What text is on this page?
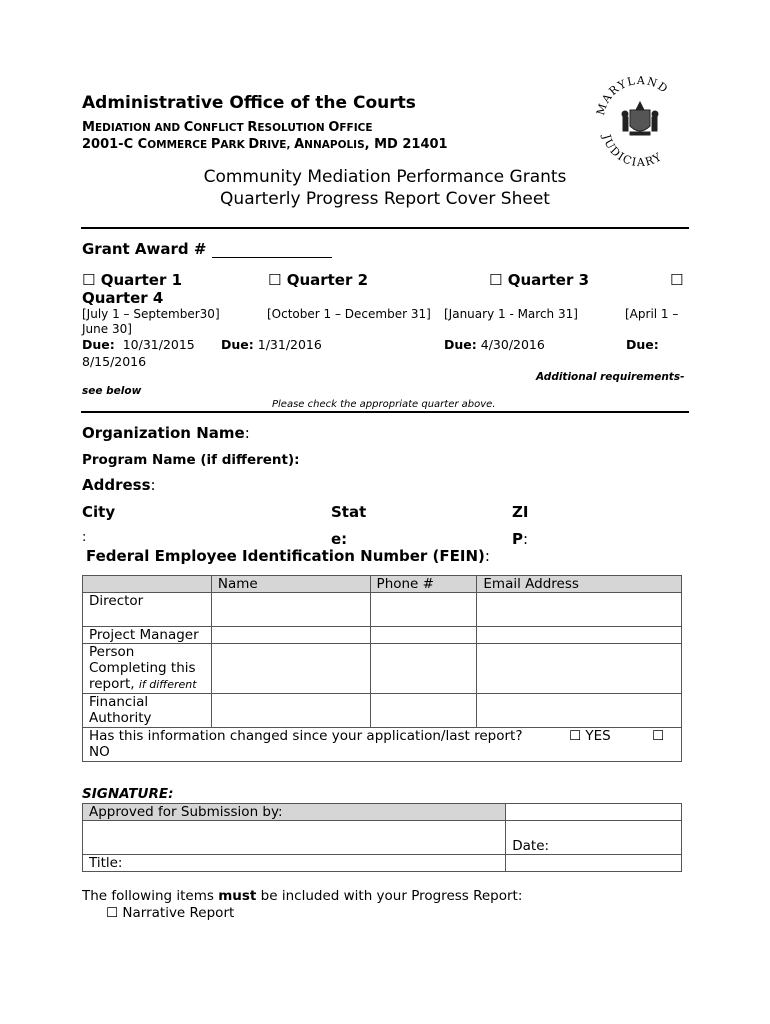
Administrative Office of the Courts
MEDIATION AND CONFLICT RESOLUTION OFFICE
2001-C COMMERCE PARK DRIVE, ANNAPOLIS, MD 21401
MARYLAND
JUDICIARY
Community Mediation Performance Grants
Quarterly Progress Report Cover Sheet
Grant Award #
☐ Quarter 1	☐ Quarter 2	☐ Quarter 3	☐
Quarter 4
[July 1 – September30]	[October 1 – December 31] [January 1 - March 31]	[April 1 –
June 30]
Due: 10/31/2015 Due: 1/31/2016	Due: 4/30/2016	Due:
8/15/2016
Additional requirements-
see below
Please check the appropriate quarter above.
Organization Name:
Program Name (if different):
Address:
City
:
Stat
e:
ZI
P:
Federal Employee Identification Number (FEIN):
	Name	Phone #	Email Address
Director			
Project Manager			
Person Completing this report, if different			
Financial Authority			
Has this information changed since your application/last report? ☐ YES ☐

NO			
SIGNATURE:
Approved for Submission by:	
	Date:
Title:	
The following items must be included with your Progress Report:
☐ Narrative Report
